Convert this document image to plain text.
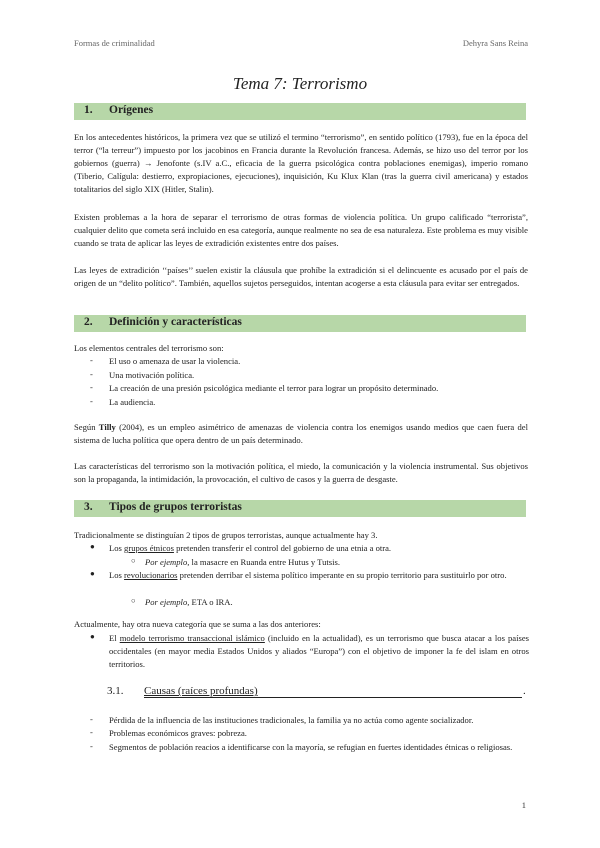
Formas de criminalidad	Dehyra Sans Reina
Tema 7: Terrorismo
1. Orígenes

En los antecedentes históricos, la primera vez que se utilizó el termino “terrorismo”, en sentido político (1793), fue en la época del terror (“la terreur”) impuesto por los jacobinos en Francia durante la Revolución francesa. Además, se hizo uso del terror por los gobiernos (guerra) → Jenofonte (s.IV a.C., eficacia de la guerra psicológica contra poblaciones enemigas), imperio romano (Tiberio, Calígula: destierro, expropiaciones, ejecuciones), inquisición, Ku Klux Klan (tras la guerra civil americana) y estados totalitarios del siglo XIX (Hitler, Stalin).

Existen problemas a la hora de separar el terrorismo de otras formas de violencia política. Un grupo calificado “terrorista”, cualquier delito que cometa será incluido en esa categoría, aunque realmente no sea de esa naturaleza. Este problema es muy visible cuando se trata de aplicar las leyes de extradición existentes entre dos países.

Las leyes de extradición ‘‘países’’ suelen existir la cláusula que prohíbe la extradición si el delincuente es acusado por el país de origen de un “delito político”. También, aquellos sujetos perseguidos, intentan acogerse a esta cláusula para evitar ser entregados.

2. Definición y características
Los elementos centrales del terrorismo son:
- El uso o amenaza de usar la violencia.
- Una motivación política.
- La creación de una presión psicológica mediante el terror para lograr un propósito determinado.
- La audiencia.

Según Tilly (2004), es un empleo asimétrico de amenazas de violencia contra los enemigos usando medios que caen fuera del sistema de lucha política que opera dentro de un país determinado.

Las características del terrorismo son la motivación política, el miedo, la comunicación y la violencia instrumental. Sus objetivos son la propaganda, la intimidación, la provocación, el cultivo de casos y la guerra de desgaste.

3. Tipos de grupos terroristas
Tradicionalmente se distinguían 2 tipos de grupos terroristas, aunque actualmente hay 3.
● Los grupos étnicos pretenden transferir el control del gobierno de una etnia a otra.
○ Por ejemplo, la masacre en Ruanda entre Hutus y Tutsis.
● Los revolucionarios pretenden derribar el sistema político imperante en su propio territorio para sustituirlo por otro.
○ Por ejemplo, ETA o IRA.
Actualmente, hay otra nueva categoría que se suma a las dos anteriores:
● El modelo terrorismo transaccional islámico (incluido en la actualidad), es un terrorismo que busca atacar a los países occidentales (en mayor media Estados Unidos y aliados “Europa”) con el objetivo de imponer la fe del islam en otros territorios.
3.1. Causas (raíces profundas)	.
- Pérdida de la influencia de las instituciones tradicionales, la familia ya no actúa como agente socializador.
- Problemas económicos graves: pobreza.
- Segmentos de población reacios a identificarse con la mayoría, se refugian en fuertes identidades étnicas o religiosas.
1
